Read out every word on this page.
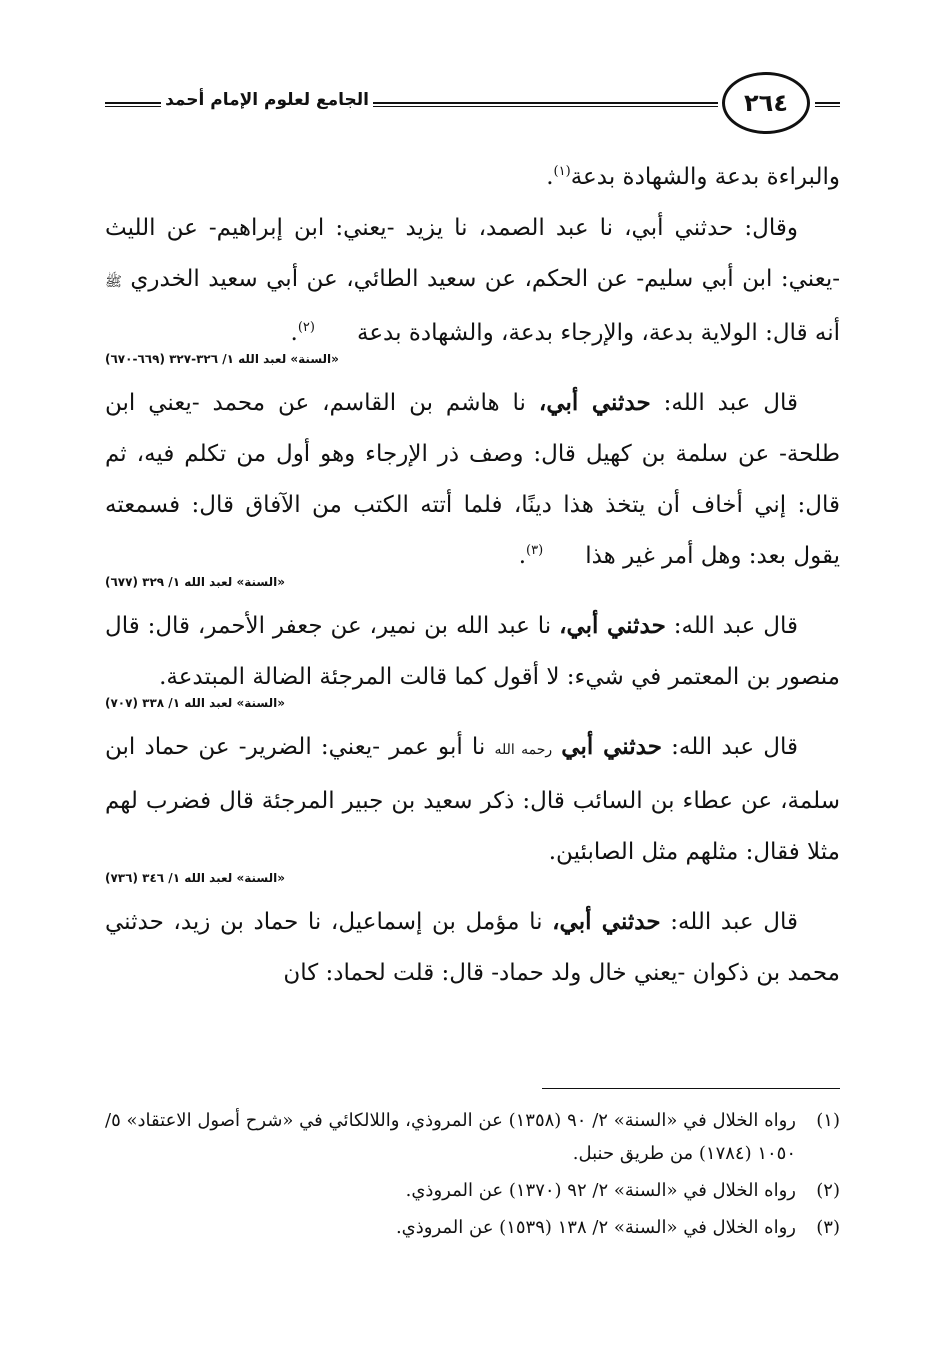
الجامع لعلوم الإمام أحمد	٢٦٤

والبراءة بدعة والشهادة بدعة(١).

وقال: حدثني أبي، نا عبد الصمد، نا يزيد -يعني: ابن إبراهيم- عن الليث -يعني: ابن أبي سليم- عن الحكم، عن سعيد الطائي، عن أبي سعيد الخدري ﷺ أنه قال: الولاية بدعة، والإرجاء بدعة، والشهادة بدعة(٢).

«السنة» لعبد الله ١/ ٣٢٦-٣٢٧ (٦٦٩-٦٧٠)

قال عبد الله: حدثني أبي، نا هاشم بن القاسم، عن محمد -يعني ابن طلحة- عن سلمة بن كهيل قال: وصف ذر الإرجاء وهو أول من تكلم فيه، ثم قال: إني أخاف أن يتخذ هذا دينًا، فلما أتته الكتب من الآفاق قال: فسمعته يقول بعد: وهل أمر غير هذا(٣).

«السنة» لعبد الله ١/ ٣٢٩ (٦٧٧)

قال عبد الله: حدثني أبي، نا عبد الله بن نمير، عن جعفر الأحمر، قال: قال منصور بن المعتمر في شيء: لا أقول كما قالت المرجئة الضالة المبتدعة.

«السنة» لعبد الله ١/ ٣٣٨ (٧٠٧)

قال عبد الله: حدثني أبي رحمه الله نا أبو عمر -يعني: الضرير- عن حماد ابن سلمة، عن عطاء بن السائب قال: ذكر سعيد بن جبير المرجئة قال فضرب لهم مثلا فقال: مثلهم مثل الصابئين.

«السنة» لعبد الله ١/ ٣٤٦ (٧٣٦)

قال عبد الله: حدثني أبي، نا مؤمل بن إسماعيل، نا حماد بن زيد، حدثني محمد بن ذكوان -يعني خال ولد حماد- قال: قلت لحماد: كان

(١)
رواه الخلال في «السنة» ٢/ ٩٠ (١٣٥٨) عن المروذي، واللالكائي في «شرح أصول الاعتقاد» ٥/ ١٠٥٠ (١٧٨٤) من طريق حنبل.

(٢)
رواه الخلال في «السنة» ٢/ ٩٢ (١٣٧٠) عن المروذي.

(٣)
رواه الخلال في «السنة» ٢/ ١٣٨ (١٥٣٩) عن المروذي.
